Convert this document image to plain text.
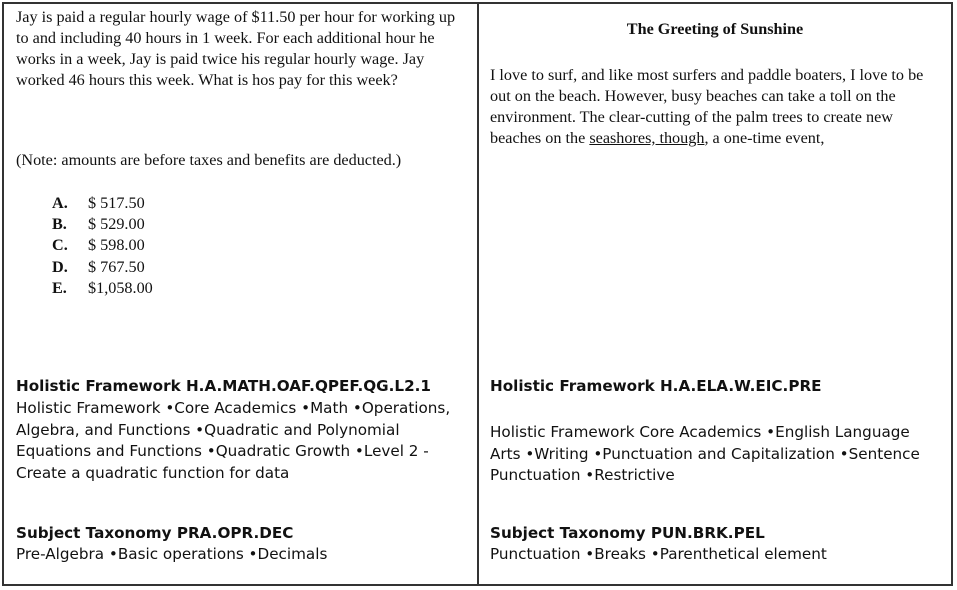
Jay is paid a regular hourly wage of $11.50 per hour for working up to and including 40 hours in 1 week. For each additional hour he works in a week, Jay is paid twice his regular hourly wage. Jay worked 46 hours this week. What is hos pay for this week?

(Note: amounts are before taxes and benefits are deducted.)

A.	$ 517.50
B.	$ 529.00
C.	$ 598.00
D.	$ 767.50
E.	$1,058.00

Holistic Framework H.A.MATH.OAF.QPEF.QG.L2.1

Holistic Framework •Core Academics •Math •Operations, Algebra, and Functions •Quadratic and Polynomial Equations and Functions •Quadratic Growth •Level 2 - Create a quadratic function for data

Subject Taxonomy PRA.OPR.DEC

Pre-Algebra •Basic operations •Decimals

The Greeting of Sunshine

I love to surf, and like most surfers and paddle boaters, I love to be out on the beach. However, busy beaches can take a toll on the environment. The clear-cutting of the palm trees to create new beaches on the seashores, though, a one-time event,

Holistic Framework H.A.ELA.W.EIC.PRE

Holistic Framework Core Academics •English Language Arts •Writing •Punctuation and Capitalization •Sentence Punctuation •Restrictive

Subject Taxonomy PUN.BRK.PEL

Punctuation •Breaks •Parenthetical element
